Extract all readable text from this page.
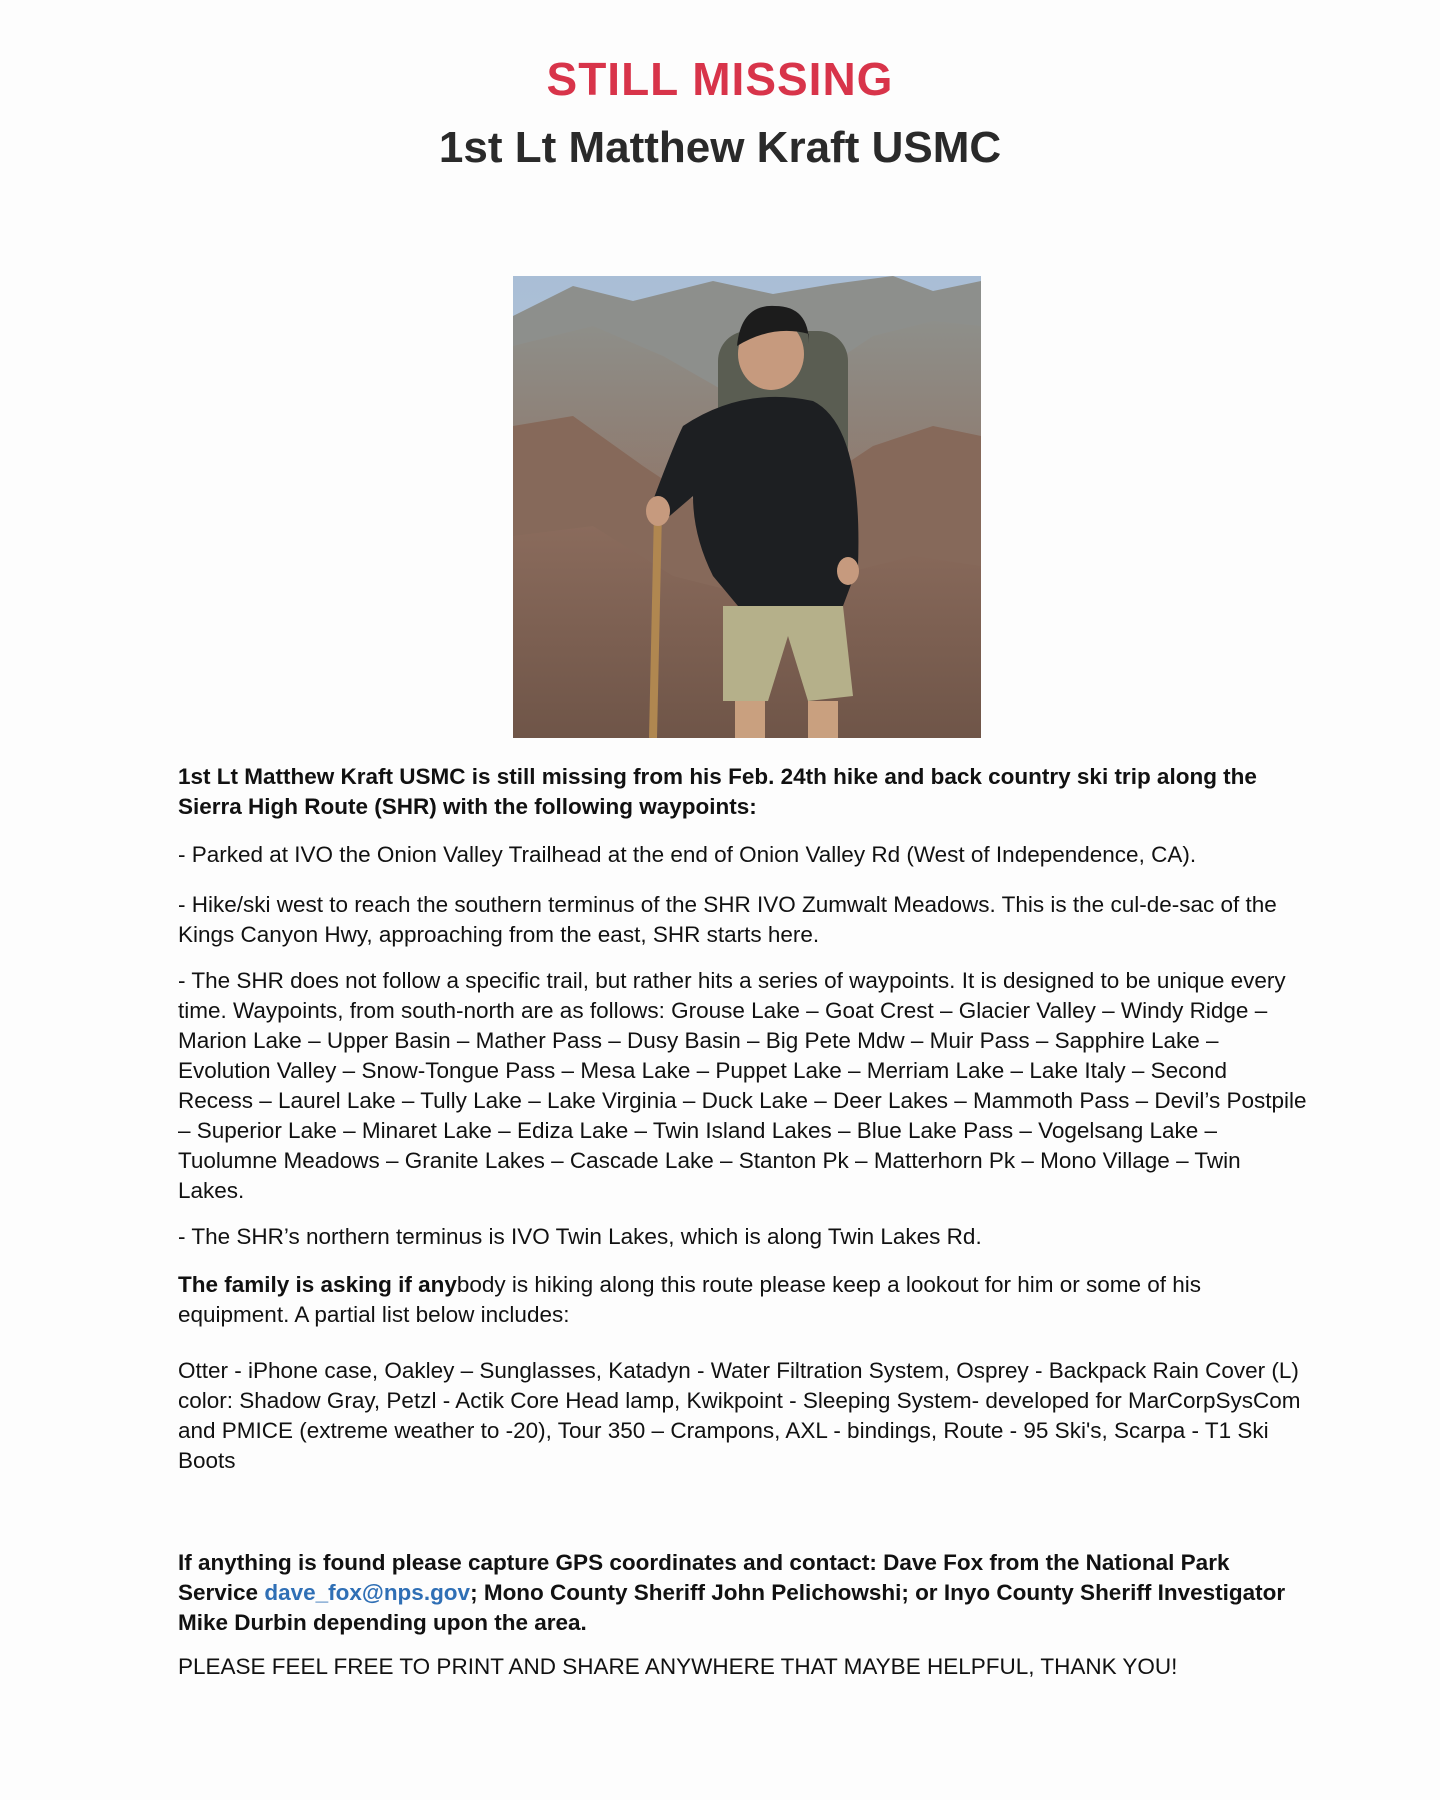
STILL MISSING
1st Lt Matthew Kraft USMC

1st Lt Matthew Kraft USMC is still missing from his Feb. 24th hike and back country ski trip along the Sierra High Route (SHR) with the following waypoints:

- Parked at IVO the Onion Valley Trailhead at the end of Onion Valley Rd (West of Independence, CA).

- Hike/ski west to reach the southern terminus of the SHR IVO Zumwalt Meadows. This is the cul-de-sac of the Kings Canyon Hwy, approaching from the east, SHR starts here.

- The SHR does not follow a specific trail, but rather hits a series of waypoints. It is designed to be unique every time. Waypoints, from south-north are as follows: Grouse Lake – Goat Crest – Glacier Valley – Windy Ridge – Marion Lake – Upper Basin – Mather Pass – Dusy Basin – Big Pete Mdw – Muir Pass – Sapphire Lake – Evolution Valley – Snow-Tongue Pass – Mesa Lake – Puppet Lake – Merriam Lake – Lake Italy – Second Recess – Laurel Lake – Tully Lake – Lake Virginia – Duck Lake – Deer Lakes – Mammoth Pass – Devil’s Postpile – Superior Lake – Minaret Lake – Ediza Lake – Twin Island Lakes – Blue Lake Pass – Vogelsang Lake – Tuolumne Meadows – Granite Lakes – Cascade Lake – Stanton Pk – Matterhorn Pk – Mono Village – Twin Lakes.

- The SHR’s northern terminus is IVO Twin Lakes, which is along Twin Lakes Rd.

The family is asking if anybody is hiking along this route please keep a lookout for him or some of his equipment. A partial list below includes:

Otter - iPhone case, Oakley – Sunglasses, Katadyn - Water Filtration System, Osprey - Backpack Rain Cover (L) color: Shadow Gray, Petzl - Actik Core Head lamp, Kwikpoint - Sleeping System- developed for MarCorpSysCom and PMICE (extreme weather to -20), Tour 350 – Crampons, AXL - bindings, Route - 95 Ski's, Scarpa - T1 Ski Boots

If anything is found please capture GPS coordinates and contact: Dave Fox from the National Park Service dave_fox@nps.gov; Mono County Sheriff John Pelichowshi; or Inyo County Sheriff Investigator Mike Durbin depending upon the area.

PLEASE FEEL FREE TO PRINT AND SHARE ANYWHERE THAT MAYBE HELPFUL, THANK YOU!
